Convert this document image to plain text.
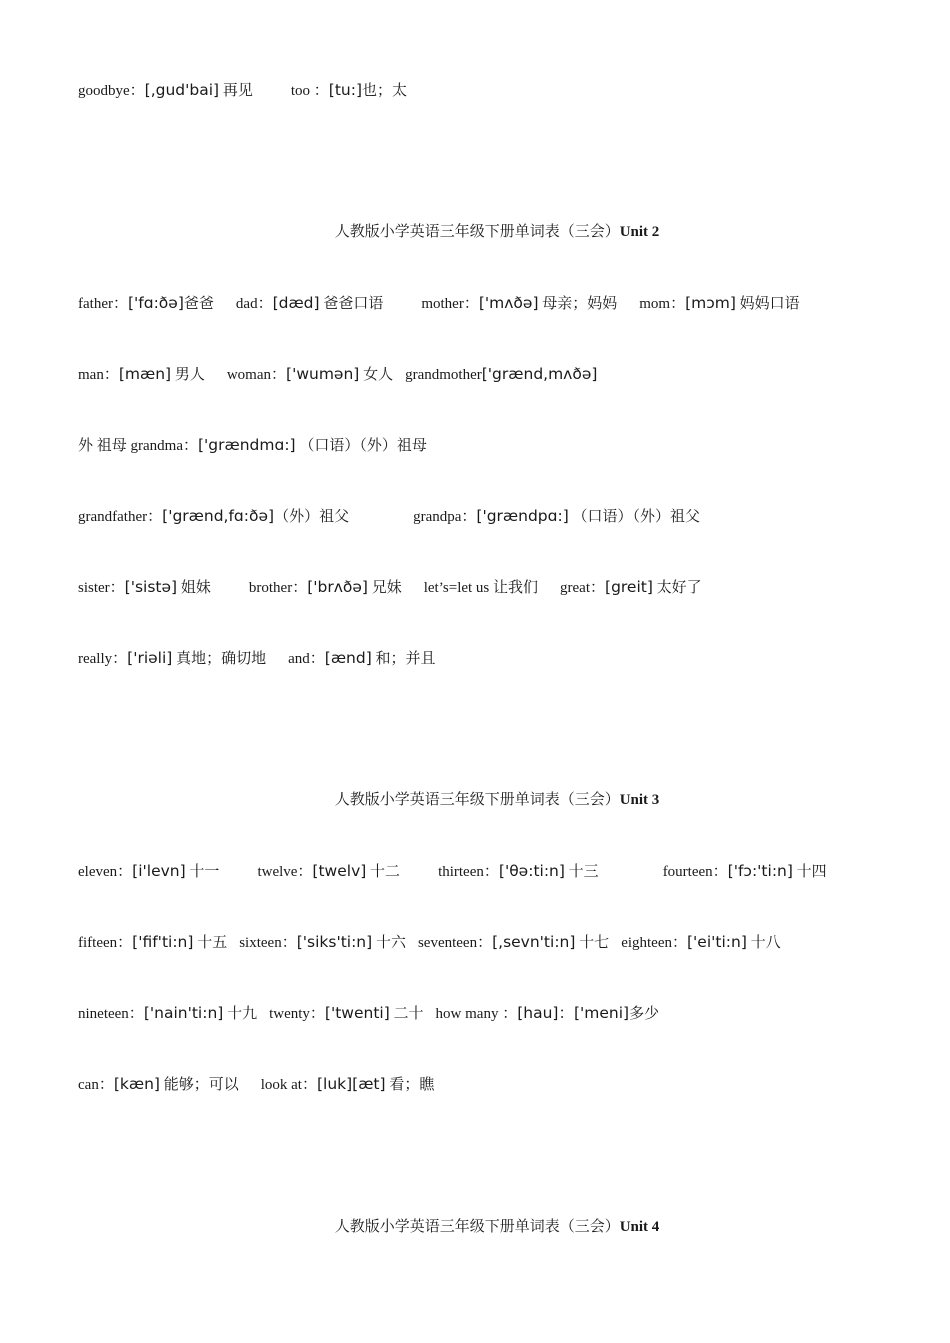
goodbye：[,gud'bai] 再见	too ：[tu:]也；太
人教版小学英语三年级下册单词表（三会）Unit 2
father：['fɑ:ðə]爸爸 dad：[dæd] 爸爸口语	mother：['mʌðə] 母亲；妈妈 mom：[mɔm] 妈妈口语
man：[mæn] 男人 woman：['wumən] 女人 grandmother['grænd,mʌðə]
外 祖母 grandma：['grændmɑ:] （口语）（外）祖母
grandfather：['grænd,fɑ:ðə]（外）祖父	grandpa：['grændpɑ:] （口语）（外）祖父
sister：['sistə] 姐妹	brother：['brʌðə] 兄妹 let’s=let us 让我们 great：[greit] 太好了
really：['riəli] 真地；确切地 and：[ænd] 和；并且
人教版小学英语三年级下册单词表（三会）Unit 3
eleven：[i'levn] 十一	twelve：[twelv] 十二	thirteen：['θə:ti:n] 十三	fourteen：['fɔ:'ti:n] 十四
fifteen：['fif'ti:n] 十五 sixteen：['siks'ti:n] 十六 seventeen：[,sevn'ti:n] 十七 eighteen：['ei'ti:n] 十八
nineteen：['nain'ti:n] 十九 twenty：['twenti] 二十 how many ：[hau]：['meni]多少
can：[kæn] 能够；可以 look at：[luk][æt] 看；瞧
人教版小学英语三年级下册单词表（三会）Unit 4
